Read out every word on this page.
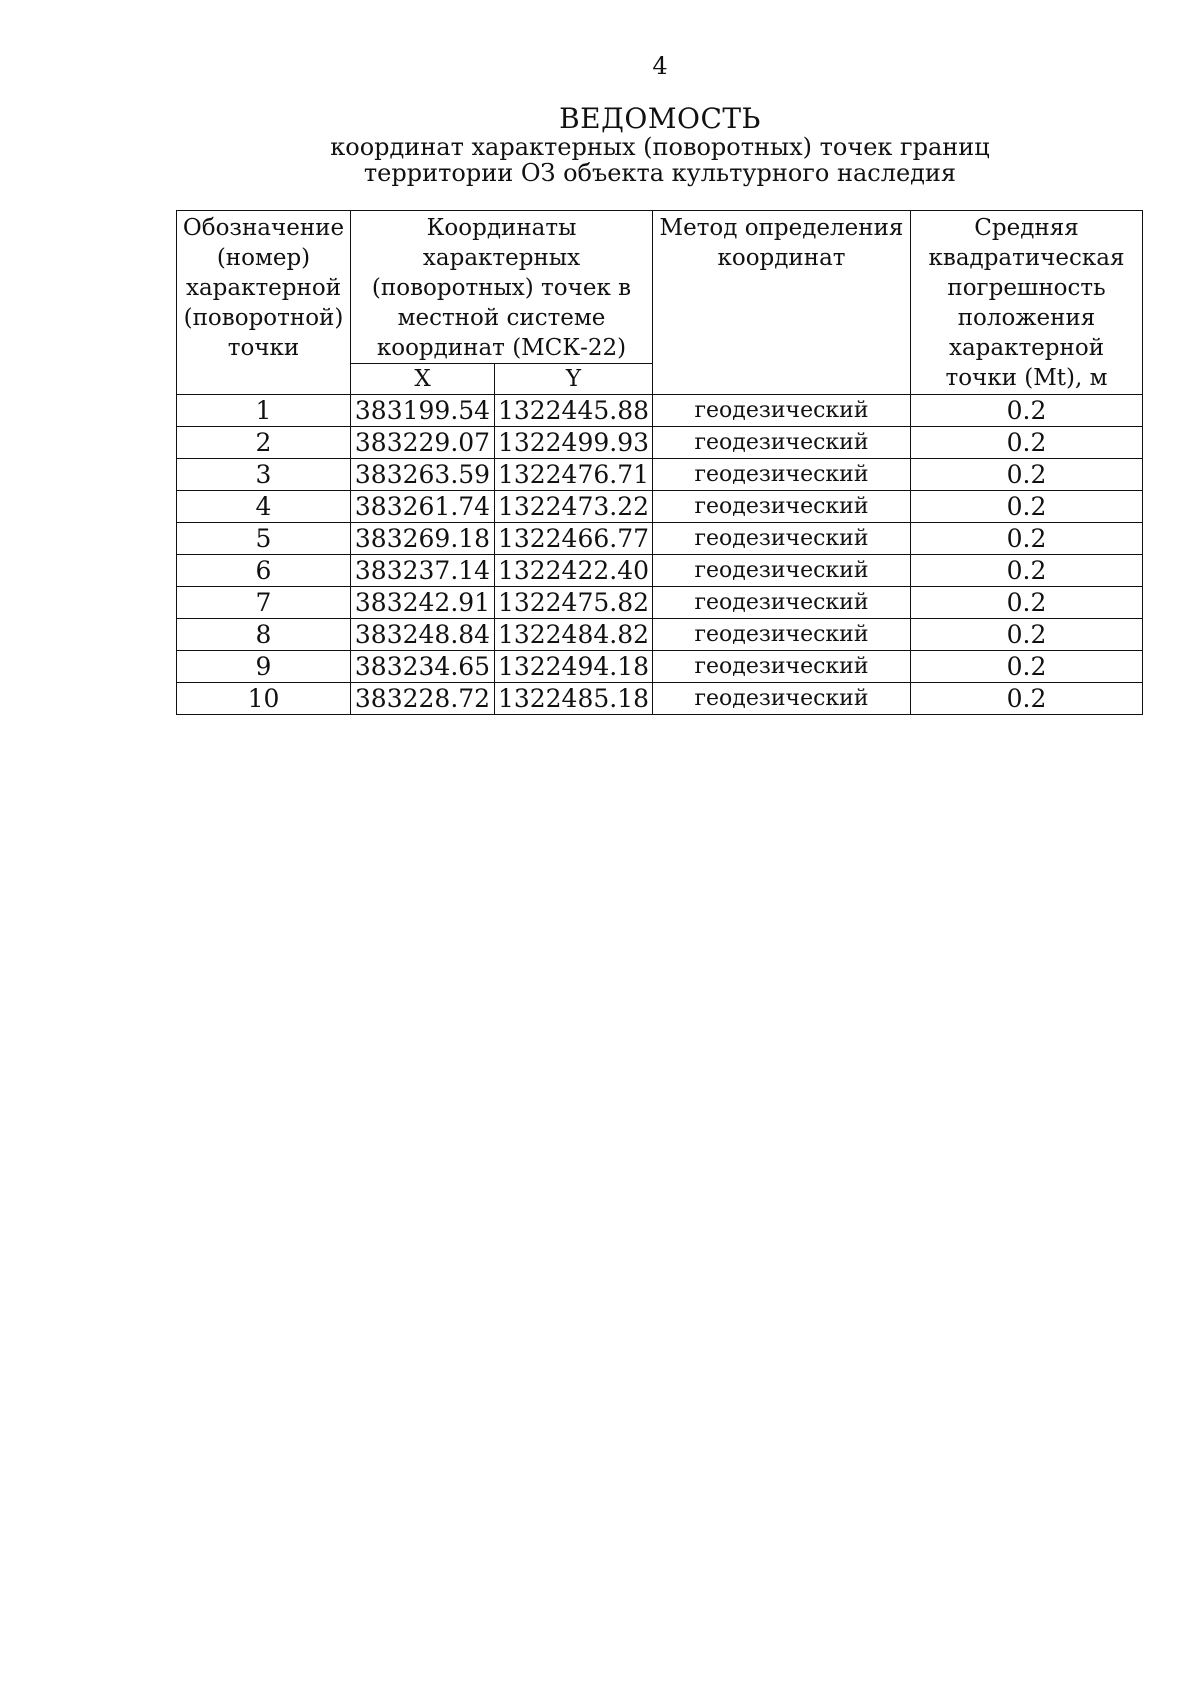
4
ВЕДОМОСТЬ
координат характерных (поворотных) точек границ
территории ОЗ объекта культурного наследия
Обозначение (номер) характерной (поворотной) точки	Координаты характерных (поворотных) точек в местной системе координат (МСК-22)		Метод определения координат	Средняя квадратическая погрешность положения характерной точки (Mt), м
	X	Y		
1	383199.54	1322445.88	геодезический	0.2
2	383229.07	1322499.93	геодезический	0.2
3	383263.59	1322476.71	геодезический	0.2
4	383261.74	1322473.22	геодезический	0.2
5	383269.18	1322466.77	геодезический	0.2
6	383237.14	1322422.40	геодезический	0.2
7	383242.91	1322475.82	геодезический	0.2
8	383248.84	1322484.82	геодезический	0.2
9	383234.65	1322494.18	геодезический	0.2
10	383228.72	1322485.18	геодезический	0.2
